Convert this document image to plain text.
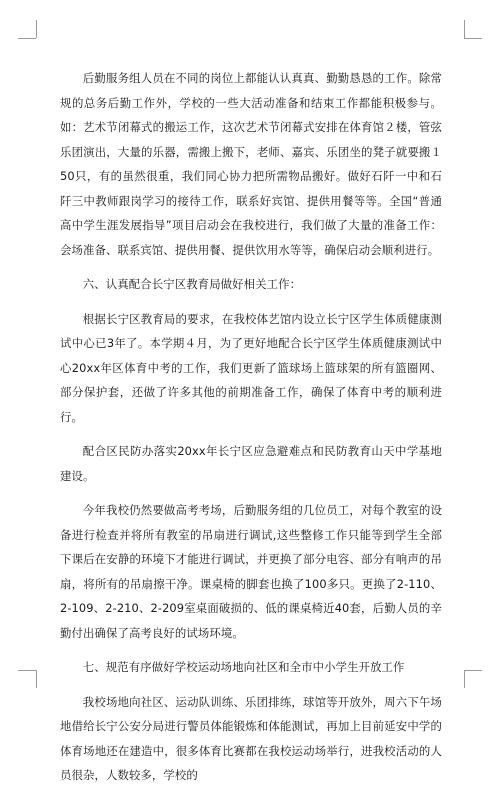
后勤服务组人员在不同的岗位上都能认认真真、勤勤恳恳的工作。除常规的总务后勤工作外，学校的一些大活动准备和结束工作都能积极参与。如：艺术节闭幕式的搬运工作，这次艺术节闭幕式安排在体育馆２楼，管弦乐团演出，大量的乐器，需搬上搬下，老师、嘉宾、乐团坐的凳子就要搬１50只，有的虽然很重，我们同心协力把所需物品搬好。做好石阡一中和石阡三中教师跟岗学习的接待工作，联系好宾馆、提供用餐等等。全国“普通高中学生涯发展指导”项目启动会在我校进行，我们做了大量的准备工作：会场准备、联系宾馆、提供用餐、提供饮用水等等，确保启动会顺利进行。

六、认真配合长宁区教育局做好相关工作：

根据长宁区教育局的要求，在我校体艺馆内设立长宁区学生体质健康测试中心已3年了。本学期４月，为了更好地配合长宁区学生体质健康测试中心20xx年区体育中考的工作，我们更新了篮球场上篮球架的所有篮圈网、部分保护套，还做了许多其他的前期准备工作，确保了体育中考的顺利进行。

配合区民防办落实20xx年长宁区应急避难点和民防教育山天中学基地建设。

今年我校仍然要做高考考场，后勤服务组的几位员工，对每个教室的设备进行检查并将所有教室的吊扇进行调试,这些整修工作只能等到学生全部下课后在安静的环境下才能进行调试，并更换了部分电容、部分有响声的吊扇，将所有的吊扇擦干净。课桌椅的脚套也换了100多只。更换了2-110、2-109、2-210、2-209室桌面破损的、低的课桌椅近40套，后勤人员的辛勤付出确保了高考良好的试场环境。

七、规范有序做好学校运动场地向社区和全市中小学生开放工作

我校场地向社区、运动队训练、乐团排练，球馆等开放外，周六下午场地借给长宁公安分局进行警员体能锻炼和体能测试，再加上目前延安中学的体育场地还在建造中，很多体育比赛都在我校运动场举行，进我校活动的人员很杂，人数较多，学校的
